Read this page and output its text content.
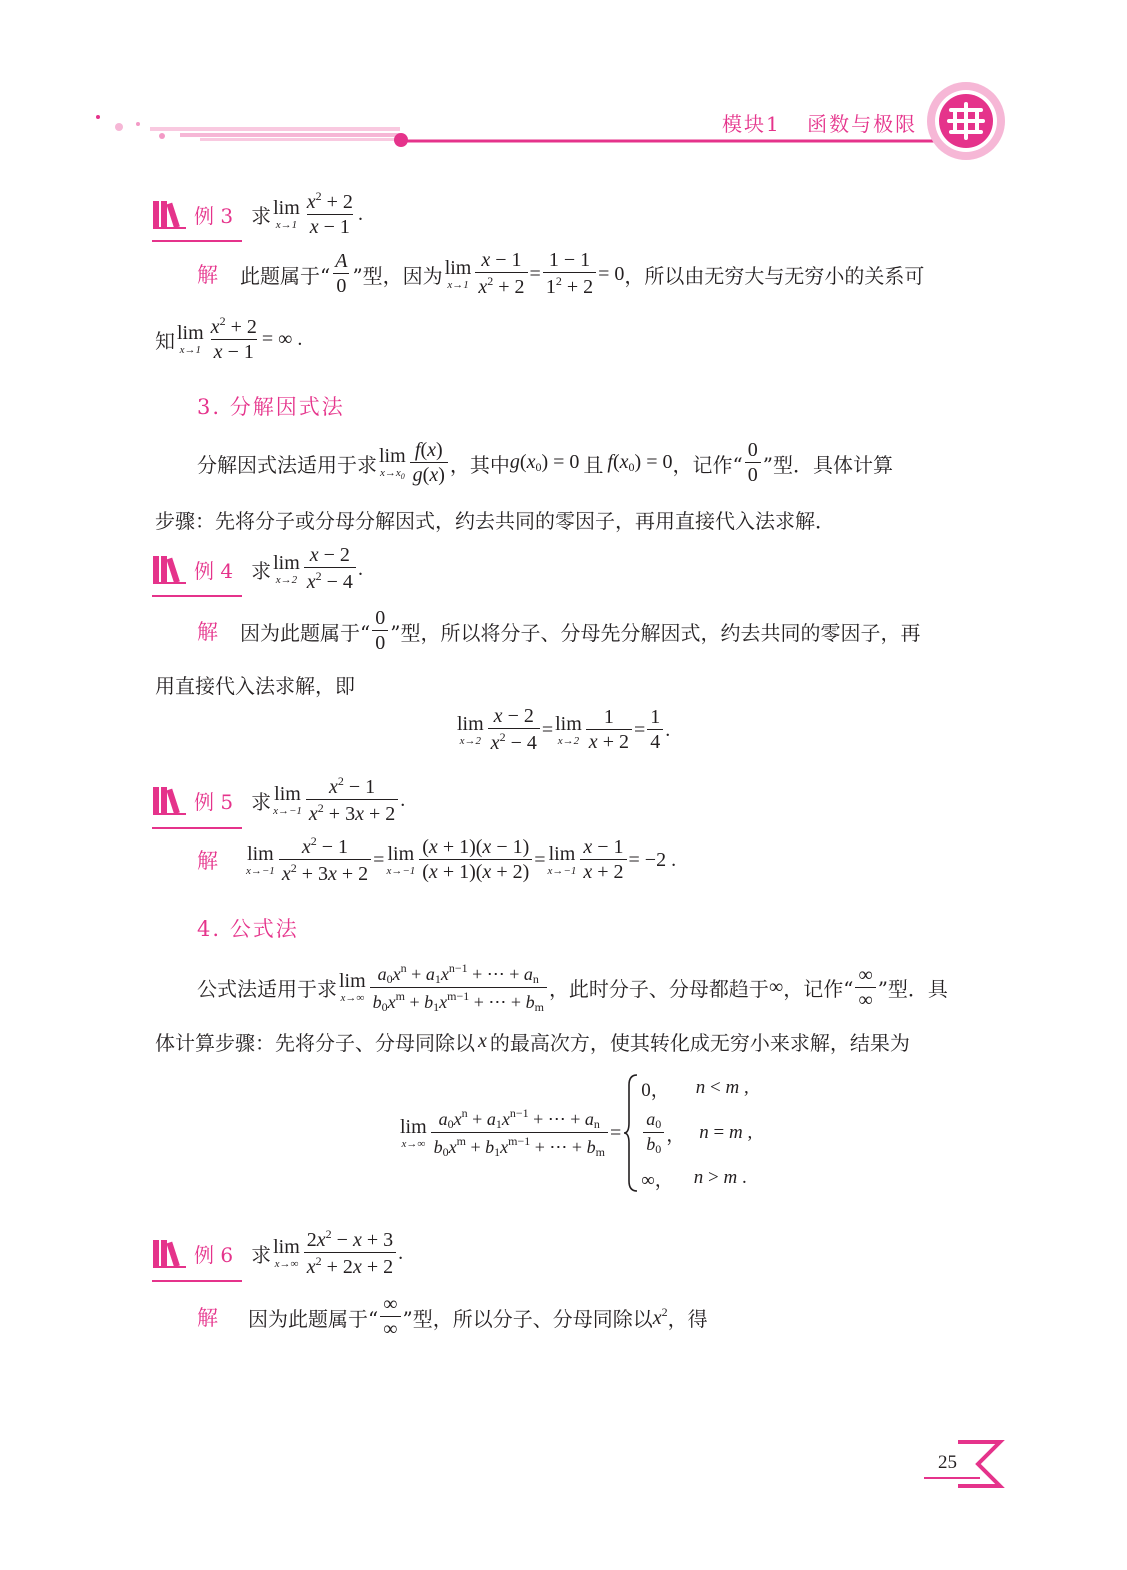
模块1 函数与极限
例 3 求 lim
$x\to 1 \frac{x^2 + 2}{x - 1}$ .
解 此题属于“ $\frac{A}{0}$ ”型，因为 lim
$x\to 1 \frac{x - 1}{x^2 + 2} = \frac{1 - 1}{1^2 + 2} = 0$ ，所以由无穷大与无穷小的关系可
知 lim
$x\to 1 \frac{x^2 + 2}{x - 1}$ = ∞ .
3. 分解因式法
分解因式法适用于求 lim
$x\to x_0 \frac{f(x)}{g(x)}$ ，其中 $g(x_0) = 0$ 且 $f(x_0) = 0$ ，记作“ $\frac{0}{0}$ ”型．具体计算
步骤：先将分子或分母分解因式，约去共同的零因子，再用直接代入法求解．
例 4 求 lim
$x\to 2 \frac{x - 2}{x^2 - 4}$ .
解 因为此题属于“ $\frac{0}{0}$ ”型，所以将分子、分母先分解因式，约去共同的零因子，再
用直接代入法求解，即
lim
$x\to 2 \frac{x - 2}{x^2 - 4} = \lim$
$x\to 2 \frac{1}{x + 2} = \frac{1}{4}$ .
例 5 求 lim
$x\to-1 \frac{x^2 - 1}{x^2 + 3x + 2}$ .
解 lim
$x\to-1 \frac{x^2 - 1}{x^2 + 3x + 2} = \lim$
$x\to-1 \frac{(x + 1)(x - 1)}{(x + 1)(x + 2)} = \lim$
$x\to-1 \frac{x - 1}{x + 2} = -2$ .
4. 公式法
公式法适用于求 lim
$x\to\infty \frac{a_0x^n + a_1x^{n-1} + \cdots + a_n}{b_0x^m + b_1x^{m-1} + \cdots + b_m}$ ，此时分子、分母都趋于 ∞ ，记作“ $\frac{\infty}{\infty}$ ”型．具
体计算步骤：先将分子、分母同除以 x 的最高次方，使其转化成无穷小来求解，结果为
lim
$x\to\infty \frac{a_0x^n + a_1x^{n-1} + \cdots + a_n}{b_0x^m + b_1x^{m-1} + \cdots + b_m}$ =
0， n < m ,
$\frac{a_0}{b_0}$ ， n = m ,
∞， n > m .
例 6 求 lim
$x\to\infty \frac{2x^2 - x + 3}{x^2 + 2x + 2}$ .
解 因为此题属于“ $\frac{\infty}{\infty}$ ”型，所以分子、分母同除以 $x^2$ ，得
25
